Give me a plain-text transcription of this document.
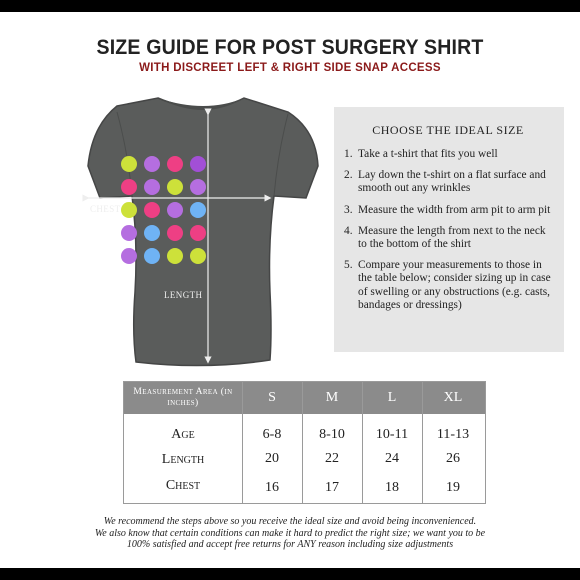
SIZE GUIDE FOR POST SURGERY SHIRT
WITH DISCREET LEFT & RIGHT SIDE SNAP ACCESS
CHEST
LENGTH
CHOOSE THE IDEAL SIZE
1. Take a t-shirt that fits you well
2. Lay down the t-shirt on a flat surface and smooth out any wrinkles
3. Measure the width from arm pit to arm pit
4. Measure the length from next to the neck to the bottom of the shirt
5. Compare your measurements to those in the table below; consider sizing up in case of swelling or any obstructions (e.g. casts, bandages or dressings)
Measurement Area (in inches)	S	M	L	XL
Age	6-8	8-10	10-11	11-13
Length	20	22	24	26
Chest	16	17	18	19
We recommend the steps above so you receive the ideal size and avoid being inconvenienced.
We also know that certain conditions can make it hard to predict the right size; we want you to be
100% satisfied and accept free returns for ANY reason including size adjustments
